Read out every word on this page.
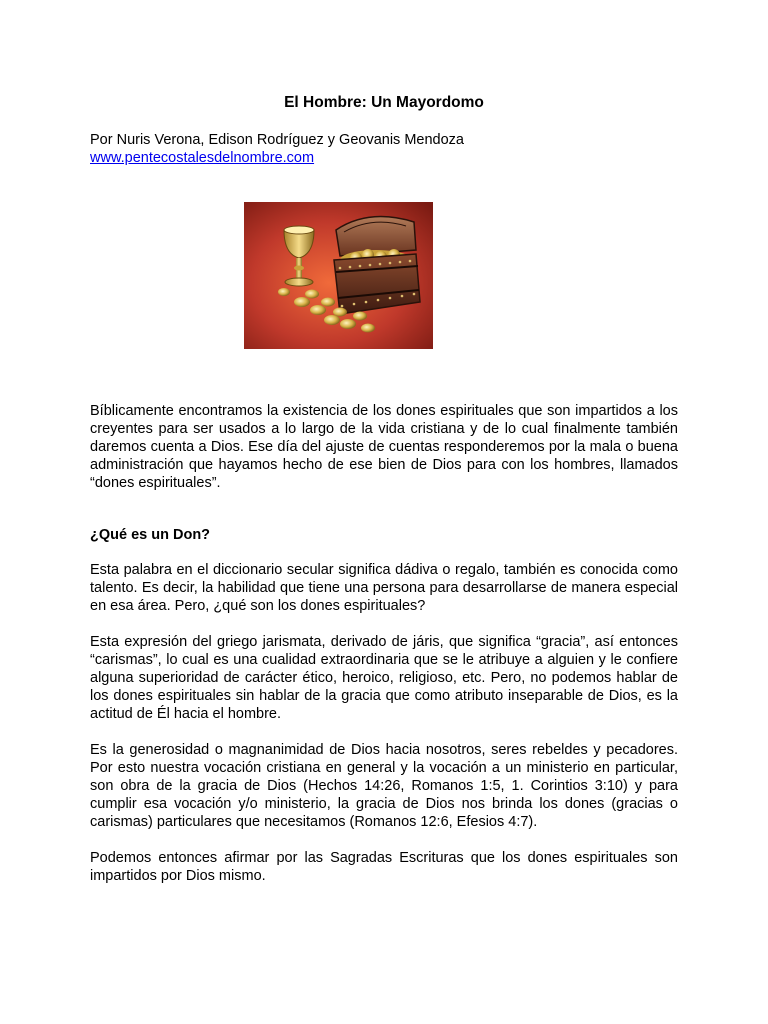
El Hombre: Un Mayordomo
Por Nuris Verona, Edison Rodríguez y Geovanis Mendoza
www.pentecostalesdelnombre.com

Bíblicamente encontramos la existencia de los dones espirituales que son impartidos a los creyentes para ser usados a lo largo de la vida cristiana y de lo cual finalmente también daremos cuenta a Dios. Ese día del ajuste de cuentas responderemos por la mala o buena administración que hayamos hecho de ese bien de Dios para con los hombres, llamados “dones espirituales”.

¿Qué es un Don?

Esta palabra en el diccionario secular significa dádiva o regalo, también es conocida como talento. Es decir, la habilidad que tiene una persona para desarrollarse de manera especial en esa área. Pero, ¿qué son los dones espirituales?

Esta expresión del griego jarismata, derivado de járis, que significa “gracia”, así entonces “carismas”, lo cual es una cualidad extraordinaria que se le atribuye a alguien y le confiere alguna superioridad de carácter ético, heroico, religioso, etc. Pero, no podemos hablar de los dones espirituales sin hablar de la gracia que como atributo inseparable de Dios, es la actitud de Él hacia el hombre.

Es la generosidad o magnanimidad de Dios hacia nosotros, seres rebeldes y pecadores. Por esto nuestra vocación cristiana en general y la vocación a un ministerio en particular, son obra de la gracia de Dios (Hechos 14:26, Romanos 1:5, 1. Corintios 3:10) y para cumplir esa vocación y/o ministerio, la gracia de Dios nos brinda los dones (gracias o carismas) particulares que necesitamos (Romanos 12:6, Efesios 4:7).

Podemos entonces afirmar por las Sagradas Escrituras que los dones espirituales son impartidos por Dios mismo.
